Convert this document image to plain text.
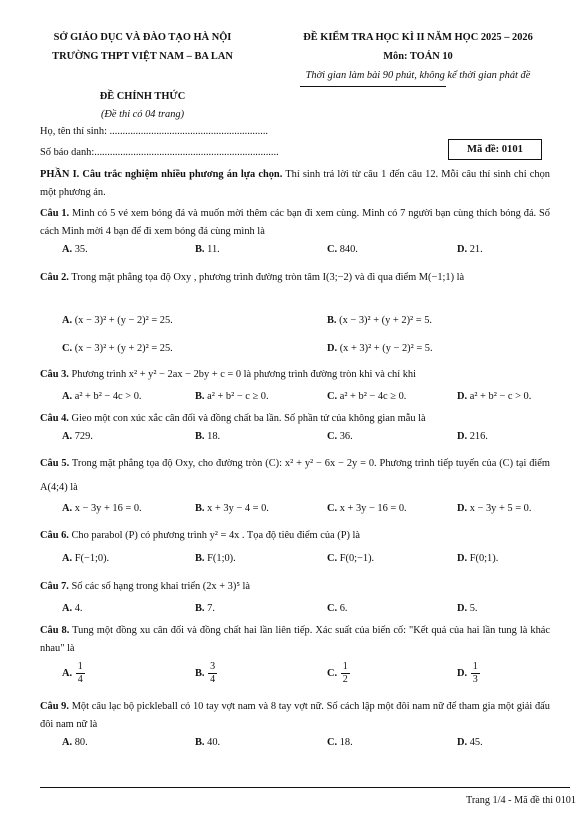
SỞ GIÁO DỤC VÀ ĐÀO TẠO HÀ NỘI
TRƯỜNG THPT VIỆT NAM – BA LAN
ĐỀ KIỂM TRA HỌC KÌ II NĂM HỌC 2025 – 2026
Môn: TOÁN 10
Thời gian làm bài 90 phút, không kể thời gian phát đề
ĐỀ CHÍNH THỨC
(Đề thi có 04 trang)
Họ, tên thí sinh: .............................................................
Số báo danh:.......................................................................	Mã đề: 0101
PHẦN I. Câu trắc nghiệm nhiều phương án lựa chọn. Thí sinh trả lời từ câu 1 đến câu 12. Mỗi câu thí sinh chỉ chọn một phương án.
Câu 1. Minh có 5 vé xem bóng đá và muốn mời thêm các bạn đi xem cùng. Minh có 7 người bạn cùng thích bóng đá. Số cách Minh mời 4 bạn để đi xem bóng đá cùng mình là
A. 35.	B. 11.	C. 840.	D. 21.
Câu 2. Trong mặt phẳng tọa độ Oxy , phương trình đường tròn tâm I(3;−2) và đi qua điểm M(−1;1) là
A. (x − 3)² + (y − 2)² = 25.	B. (x − 3)² + (y + 2)² = 5.
C. (x − 3)² + (y + 2)² = 25.	D. (x + 3)² + (y − 2)² = 5.
Câu 3. Phương trình x² + y² − 2ax − 2by + c = 0 là phương trình đường tròn khi và chỉ khi
A. a² + b² − 4c > 0.	B. a² + b² − c ≥ 0.	C. a² + b² − 4c ≥ 0.	D. a² + b² − c > 0.
Câu 4. Gieo một con xúc xắc cân đối và đồng chất ba lần. Số phần tử của không gian mẫu là
A. 729.	B. 18.	C. 36.	D. 216.
Câu 5. Trong mặt phẳng tọa độ Oxy, cho đường tròn (C): x² + y² − 6x − 2y = 0. Phương trình tiếp tuyến của (C) tại điểm A(4;4) là
A. x − 3y + 16 = 0.	B. x + 3y − 4 = 0.	C. x + 3y − 16 = 0.	D. x − 3y + 5 = 0.
Câu 6. Cho parabol (P) có phương trình y² = 4x . Tọa độ tiêu điểm của (P) là
A. F(−1;0).	B. F(1;0).	C. F(0;−1).	D. F(0;1).
Câu 7. Số các số hạng trong khai triển (2x + 3)⁵ là
A. 4.	B. 7.	C. 6.	D. 5.
Câu 8. Tung một đồng xu cân đối và đồng chất hai lần liên tiếp. Xác suất của biến cố: "Kết quả của hai lần tung là khác nhau" là
A. $\frac{1}{4}$	B. $\frac{3}{4}$	C. $\frac{1}{2}$	D. $\frac{1}{3}$
Câu 9. Một câu lạc bộ pickleball có 10 tay vợt nam và 8 tay vợt nữ. Số cách lập một đôi nam nữ để tham gia một giải đấu đôi nam nữ là
A. 80.	B. 40.	C. 18.	D. 45.
Trang 1/4 - Mã đề thi 0101
